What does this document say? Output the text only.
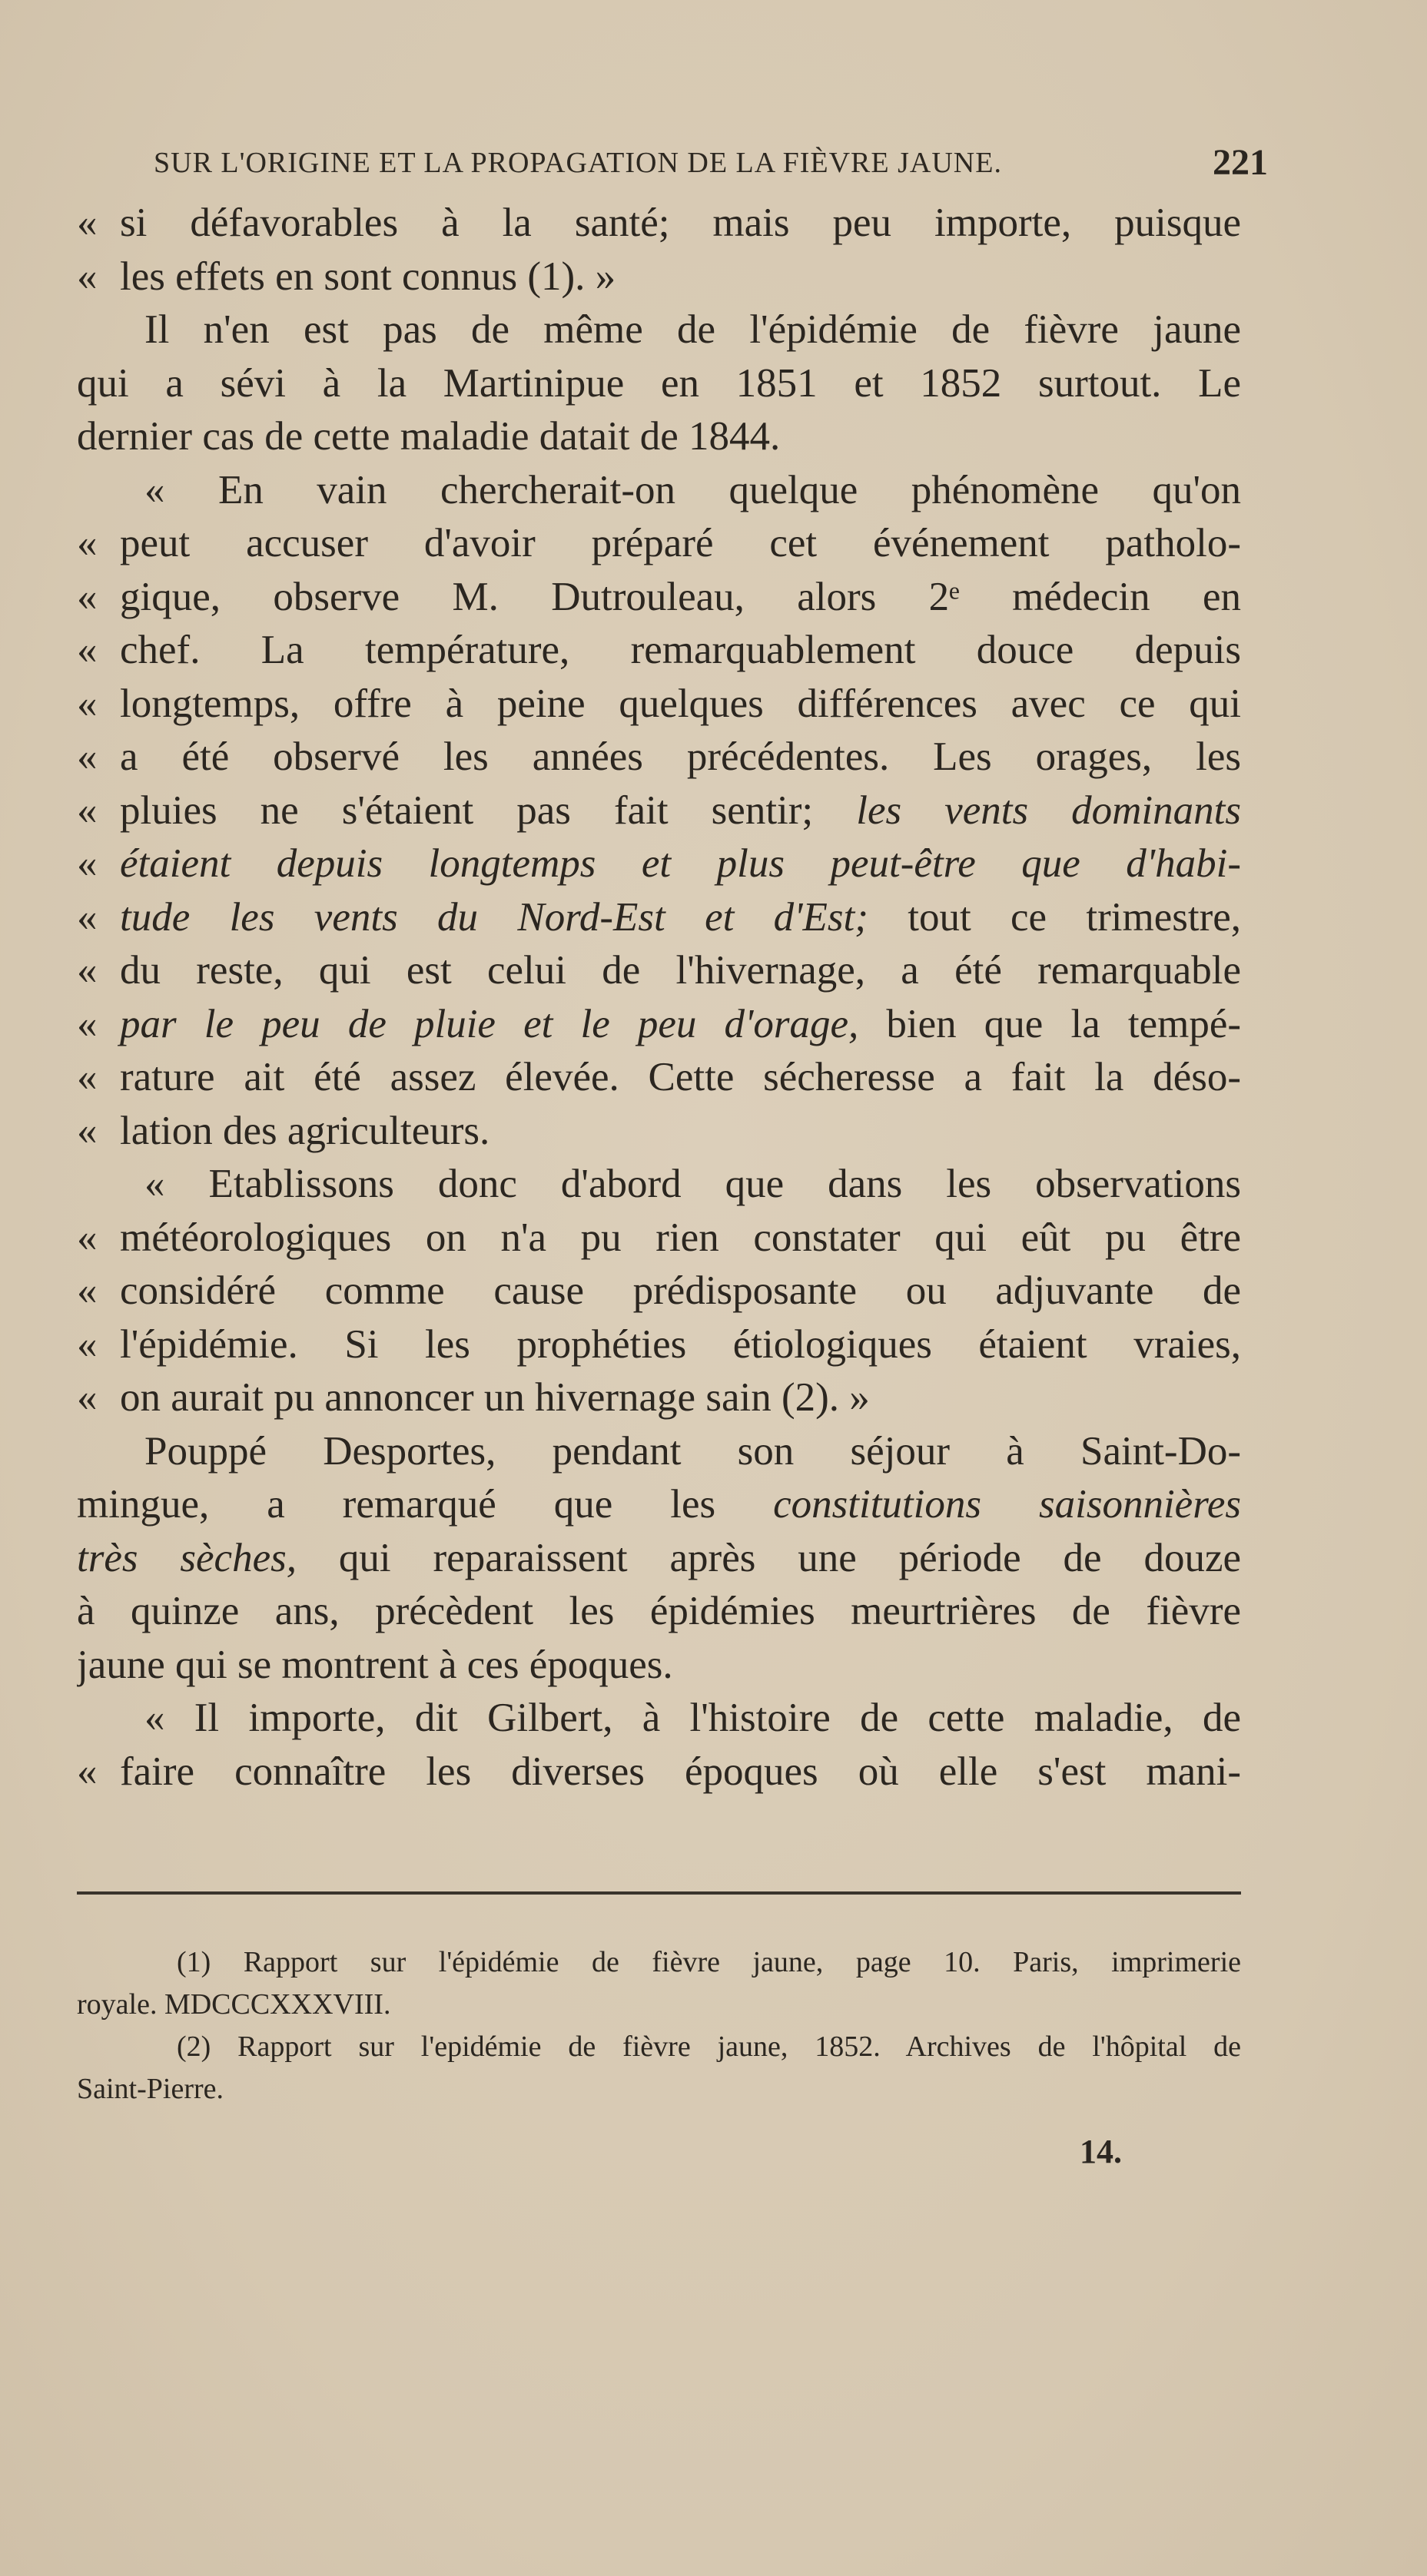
SUR L'ORIGINE ET LA PROPAGATION DE LA FIÈVRE JAUNE.	221
« si défavorables à la santé; mais peu importe, puisque
« les effets en sont connus (1). »
Il n'en est pas de même de l'épidémie de fièvre jaune
qui a sévi à la Martinipue en 1851 et 1852 surtout. Le
dernier cas de cette maladie datait de 1844.
« En vain chercherait-on quelque phénomène qu'on
« peut accuser d'avoir préparé cet événement patholo-
« gique, observe M. Dutrouleau, alors 2ᵉ médecin en
« chef. La température, remarquablement douce depuis
« longtemps, offre à peine quelques différences avec ce qui
« a été observé les années précédentes. Les orages, les
« pluies ne s'étaient pas fait sentir; les vents dominants
« étaient depuis longtemps et plus peut-être que d'habi-
« tude les vents du Nord-Est et d'Est; tout ce trimestre,
« du reste, qui est celui de l'hivernage, a été remarquable
« par le peu de pluie et le peu d'orage, bien que la tempé-
« rature ait été assez élevée. Cette sécheresse a fait la déso-
« lation des agriculteurs.
« Etablissons donc d'abord que dans les observations
« météorologiques on n'a pu rien constater qui eût pu être
« considéré comme cause prédisposante ou adjuvante de
« l'épidémie. Si les prophéties étiologiques étaient vraies,
« on aurait pu annoncer un hivernage sain (2). »
Pouppé Desportes, pendant son séjour à Saint-Do-
mingue, a remarqué que les constitutions saisonnières
très sèches, qui reparaissent après une période de douze
à quinze ans, précèdent les épidémies meurtrières de fièvre
jaune qui se montrent à ces époques.
« Il importe, dit Gilbert, à l'histoire de cette maladie, de
« faire connaître les diverses époques où elle s'est mani-
(1) Rapport sur l'épidémie de fièvre jaune, page 10. Paris, imprimerie
royale. MDCCCXXXVIII.
(2) Rapport sur l'epidémie de fièvre jaune, 1852. Archives de l'hôpital de
Saint-Pierre.
14.
